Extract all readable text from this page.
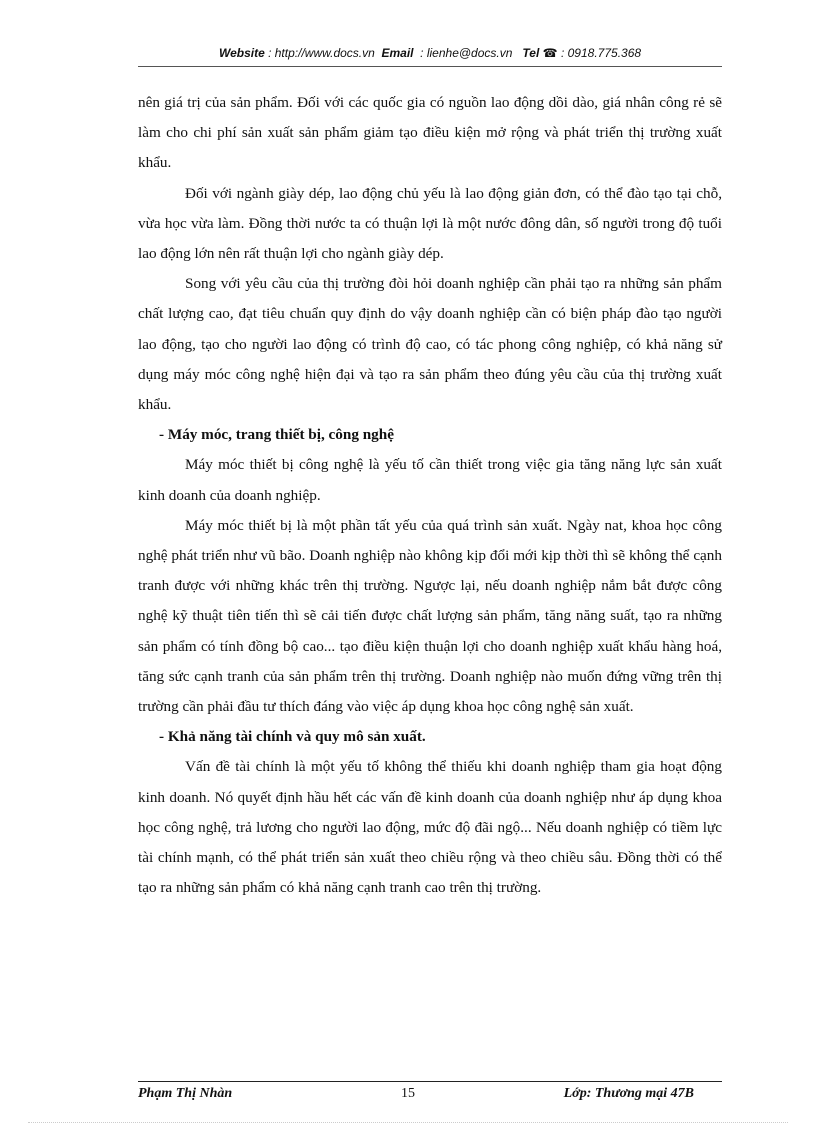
Website : http://www.docs.vn Email : lienhe@docs.vn Tel ☎ : 0918.775.368

nên giá trị của sản phẩm. Đối với các quốc gia có nguồn lao động dồi dào, giá nhân công rẻ sẽ làm cho chi phí sản xuất sản phẩm giảm tạo điều kiện mở rộng và phát triển thị trường xuất khẩu.

Đối với ngành giày dép, lao động chủ yếu là lao động giản đơn, có thể đào tạo tại chỗ, vừa học vừa làm. Đồng thời nước ta có thuận lợi là một nước đông dân, số người trong độ tuổi lao động lớn nên rất thuận lợi cho ngành giày dép.

Song với yêu cầu của thị trường đòi hỏi doanh nghiệp cần phải tạo ra những sản phẩm chất lượng cao, đạt tiêu chuẩn quy định do vậy doanh nghiệp cần có biện pháp đào tạo người lao động, tạo cho người lao động có trình độ cao, có tác phong công nghiệp, có khả năng sử dụng máy móc công nghệ hiện đại và tạo ra sản phẩm theo đúng yêu cầu của thị trường xuất khẩu.

- Máy móc, trang thiết bị, công nghệ

Máy móc thiết bị công nghệ là yếu tố cần thiết trong việc gia tăng năng lực sản xuất kinh doanh của doanh nghiệp.

Máy móc thiết bị là một phần tất yếu của quá trình sản xuất. Ngày nat, khoa học công nghệ phát triển như vũ bão. Doanh nghiệp nào không kịp đổi mới kịp thời thì sẽ không thể cạnh tranh được với những khác trên thị trường. Ngược lại, nếu doanh nghiệp nắm bắt được công nghệ kỹ thuật tiên tiến thì sẽ cải tiến được chất lượng sản phẩm, tăng năng suất, tạo ra những sản phẩm có tính đồng bộ cao... tạo điều kiện thuận lợi cho doanh nghiệp xuất khẩu hàng hoá, tăng sức cạnh tranh của sản phẩm trên thị trường. Doanh nghiệp nào muốn đứng vững trên thị trường cần phải đầu tư thích đáng vào việc áp dụng khoa học công nghệ sản xuất.

- Khả năng tài chính và quy mô sản xuất.

Vấn đề tài chính là một yếu tố không thể thiếu khi doanh nghiệp tham gia hoạt động kinh doanh. Nó quyết định hầu hết các vấn đề kinh doanh của doanh nghiệp như áp dụng khoa học công nghệ, trả lương cho người lao động, mức độ đãi ngộ... Nếu doanh nghiệp có tiềm lực tài chính mạnh, có thể phát triển sản xuất theo chiều rộng và theo chiều sâu. Đồng thời có thể tạo ra những sản phẩm có khả năng cạnh tranh cao trên thị trường.

Phạm Thị Nhàn	15	Lớp: Thương mại 47B
